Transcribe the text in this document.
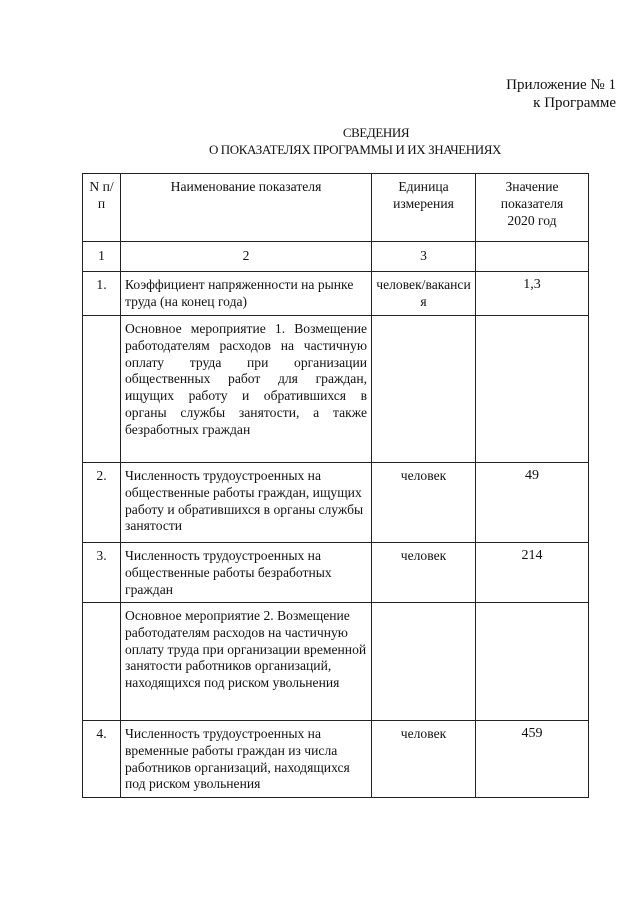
Приложение № 1
к Программе
СВЕДЕНИЯ
О ПОКАЗАТЕЛЯХ ПРОГРАММЫ И ИХ ЗНАЧЕНИЯХ
N п/п	Наименование показателя	Единица измерения	Значение показателя 2020 год
1	2	3	
1.	Коэффициент напряженности на рынке труда (на конец года)	человек/вакансия	1,3
	Основное мероприятие 1. Возмещение работодателям расходов на частичную оплату труда при организации общественных работ для граждан, ищущих работу и обратившихся в органы службы занятости, а также безработных граждан		
2.	Численность трудоустроенных на общественные работы граждан, ищущих работу и обратившихся в органы службы занятости	человек	49
3.	Численность трудоустроенных на общественные работы безработных граждан	человек	214
	Основное мероприятие 2. Возмещение работодателям расходов на частичную оплату труда при организации временной занятости работников организаций, находящихся под риском увольнения		
4.	Численность трудоустроенных на временные работы граждан из числа работников организаций, находящихся под риском увольнения	человек	459
